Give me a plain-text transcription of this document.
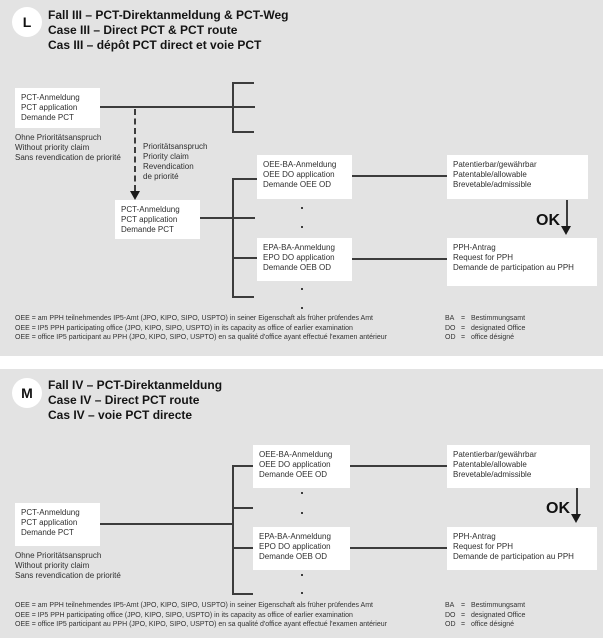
L	Fall III – PCT-Direktanmeldung & PCT-Weg
Case III – Direct PCT & PCT route
Cas III – dépôt PCT direct et voie PCT
PCT-Anmeldung
PCT application
Demande PCT
Ohne Prioritätsanspruch
Without priority claim
Sans revendication de priorité
Prioritätsanspruch
Priority claim
Revendication
de priorité
PCT-Anmeldung
PCT application
Demande PCT
OEE-BA-Anmeldung
OEE DO application
Demande OEE OD
EPA-BA-Anmeldung
EPO DO application
Demande OEB OD
Patentierbar/gewährbar
Patentable/allowable
Brevetable/admissible
OK
PPH-Antrag
Request for PPH
Demande de participation au PPH
OEE = am PPH teilnehmendes IP5-Amt (JPO, KIPO, SIPO, USPTO) in seiner Eigenschaft als früher prüfendes Amt
OEE = IP5 PPH participating office (JPO, KIPO, SIPO, USPTO) in its capacity as office of earlier examination
OEE = office IP5 participant au PPH (JPO, KIPO, SIPO, USPTO) en sa qualité d'office ayant effectué l'examen antérieur
BA = Bestimmungsamt
DO = designated Office
OD = office désigné
M	Fall IV – PCT-Direktanmeldung
Case IV – Direct PCT route
Cas IV – voie PCT directe
PCT-Anmeldung
PCT application
Demande PCT
Ohne Prioritätsanspruch
Without priority claim
Sans revendication de priorité
OEE-BA-Anmeldung
OEE DO application
Demande OEE OD
EPA-BA-Anmeldung
EPO DO application
Demande OEB OD
Patentierbar/gewährbar
Patentable/allowable
Brevetable/admissible
OK
PPH-Antrag
Request for PPH
Demande de participation au PPH
OEE = am PPH teilnehmendes IP5-Amt (JPO, KIPO, SIPO, USPTO) in seiner Eigenschaft als früher prüfendes Amt
OEE = IP5 PPH participating office (JPO, KIPO, SIPO, USPTO) in its capacity as office of earlier examination
OEE = office IP5 participant au PPH (JPO, KIPO, SIPO, USPTO) en sa qualité d'office ayant effectué l'examen antérieur
BA = Bestimmungsamt
DO = designated Office
OD = office désigné
